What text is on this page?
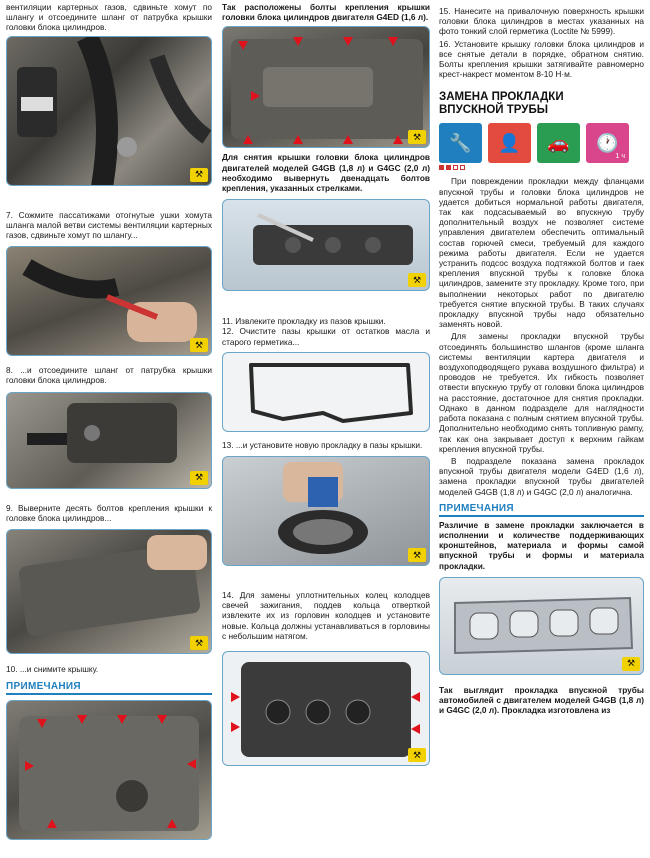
вентиляции картерных газов, сдвиньте хомут по шлангу и отсоедините шланг от патрубка крышки головки блока цилиндров.

⚒

7. Сожмите пассатижами отогнутые ушки хомута шланга малой ветви системы вентиляции картерных газов, сдвиньте хомут по шлангу...

⚒

8. ...и отсоедините шланг от патрубка крышки головки блока цилиндров.

⚒

9. Выверните десять болтов крепления крышки к головке блока цилиндров...

⚒

10. ...и снимите крышку.

ПРИМЕЧАНИЯ

Так расположены болты крепления крышки головки блока цилиндров двигателя G4ED (1,6 л).

⚒

Для снятия крышки головки блока цилиндров двигателей моделей G4GB (1,8 л) и G4GC (2,0 л) необходимо вывернуть двенадцать болтов крепления, указанных стрелками.

⚒

11. Извлеките прокладку из пазов крышки.

12. Очистите пазы крышки от остатков масла и старого герметика...

13. ...и установите новую прокладку в пазы крышки.

⚒

14. Для замены уплотнительных колец колодцев свечей зажигания, поддев кольца отверткой извлеките их из горловин колодцев и установите новые. Кольца должны устанавливаться в горловины с небольшим натягом.

⚒

15. Нанесите на привалочную поверхность крышки головки блока цилиндров в местах указанных на фото тонкий слой герметика (Loctite № 5999).

16. Установите крышку головки блока цилиндров и все снятые детали в порядке, обратном снятию. Болты крепления крышки затягивайте равномерно крест-накрест моментом 8-10 Н·м.

ЗАМЕНА ПРОКЛАДКИ ВПУСКНОЙ ТРУБЫ
🔧	👤	🚗	🕐
1 ч

При повреждении прокладки между фланцами впускной трубы и головки блока цилиндров не удается добиться нормальной работы двигателя, так как подсасываемый во впускную трубу дополнительный воздух не позволяет системе управления двигателем обеспечить оптимальный состав горючей смеси, требуемый для каждого режима работы двигателя. Если не удается устранить подсос воздуха подтяжкой болтов и гаек крепления впускной трубы к головке блока цилиндров, замените эту прокладку. Кроме того, при выполнении некоторых работ по двигателю требуется снятие впускной трубы. В таких случаях прокладку впускной трубы надо обязательно заменять новой.

Для замены прокладки впускной трубы отсоединять большинство шлангов (кроме шланга системы вентиляции картера двигателя и воздухоподводящего рукава воздушного фильтра) и проводов не требуется. Их гибкость позволяет отвести впускную трубу от головки блока цилиндров на расстояние, достаточное для снятия прокладки. Однако в данном подразделе для наглядности работа показана с полным снятием впускной трубы. Дополнительно необходимо снять топливную рампу, так как она закрывает доступ к верхним гайкам крепления впускной трубы.

В подразделе показана замена прокладок впускной трубы двигателя модели G4ED (1,6 л), замена прокладки впускной трубы двигателей моделей G4GB (1,8 л) и G4GC (2,0 л) аналогична.

ПРИМЕЧАНИЯ

Различие в замене прокладки заключается в исполнении и количестве поддерживающих кронштейнов, материала и формы самой впускной трубы и формы и материала прокладки.

⚒

Так выглядит прокладка впускной трубы автомобилей с двигателем моделей G4GB (1,8 л) и G4GC (2,0 л). Прокладка изготовлена из
